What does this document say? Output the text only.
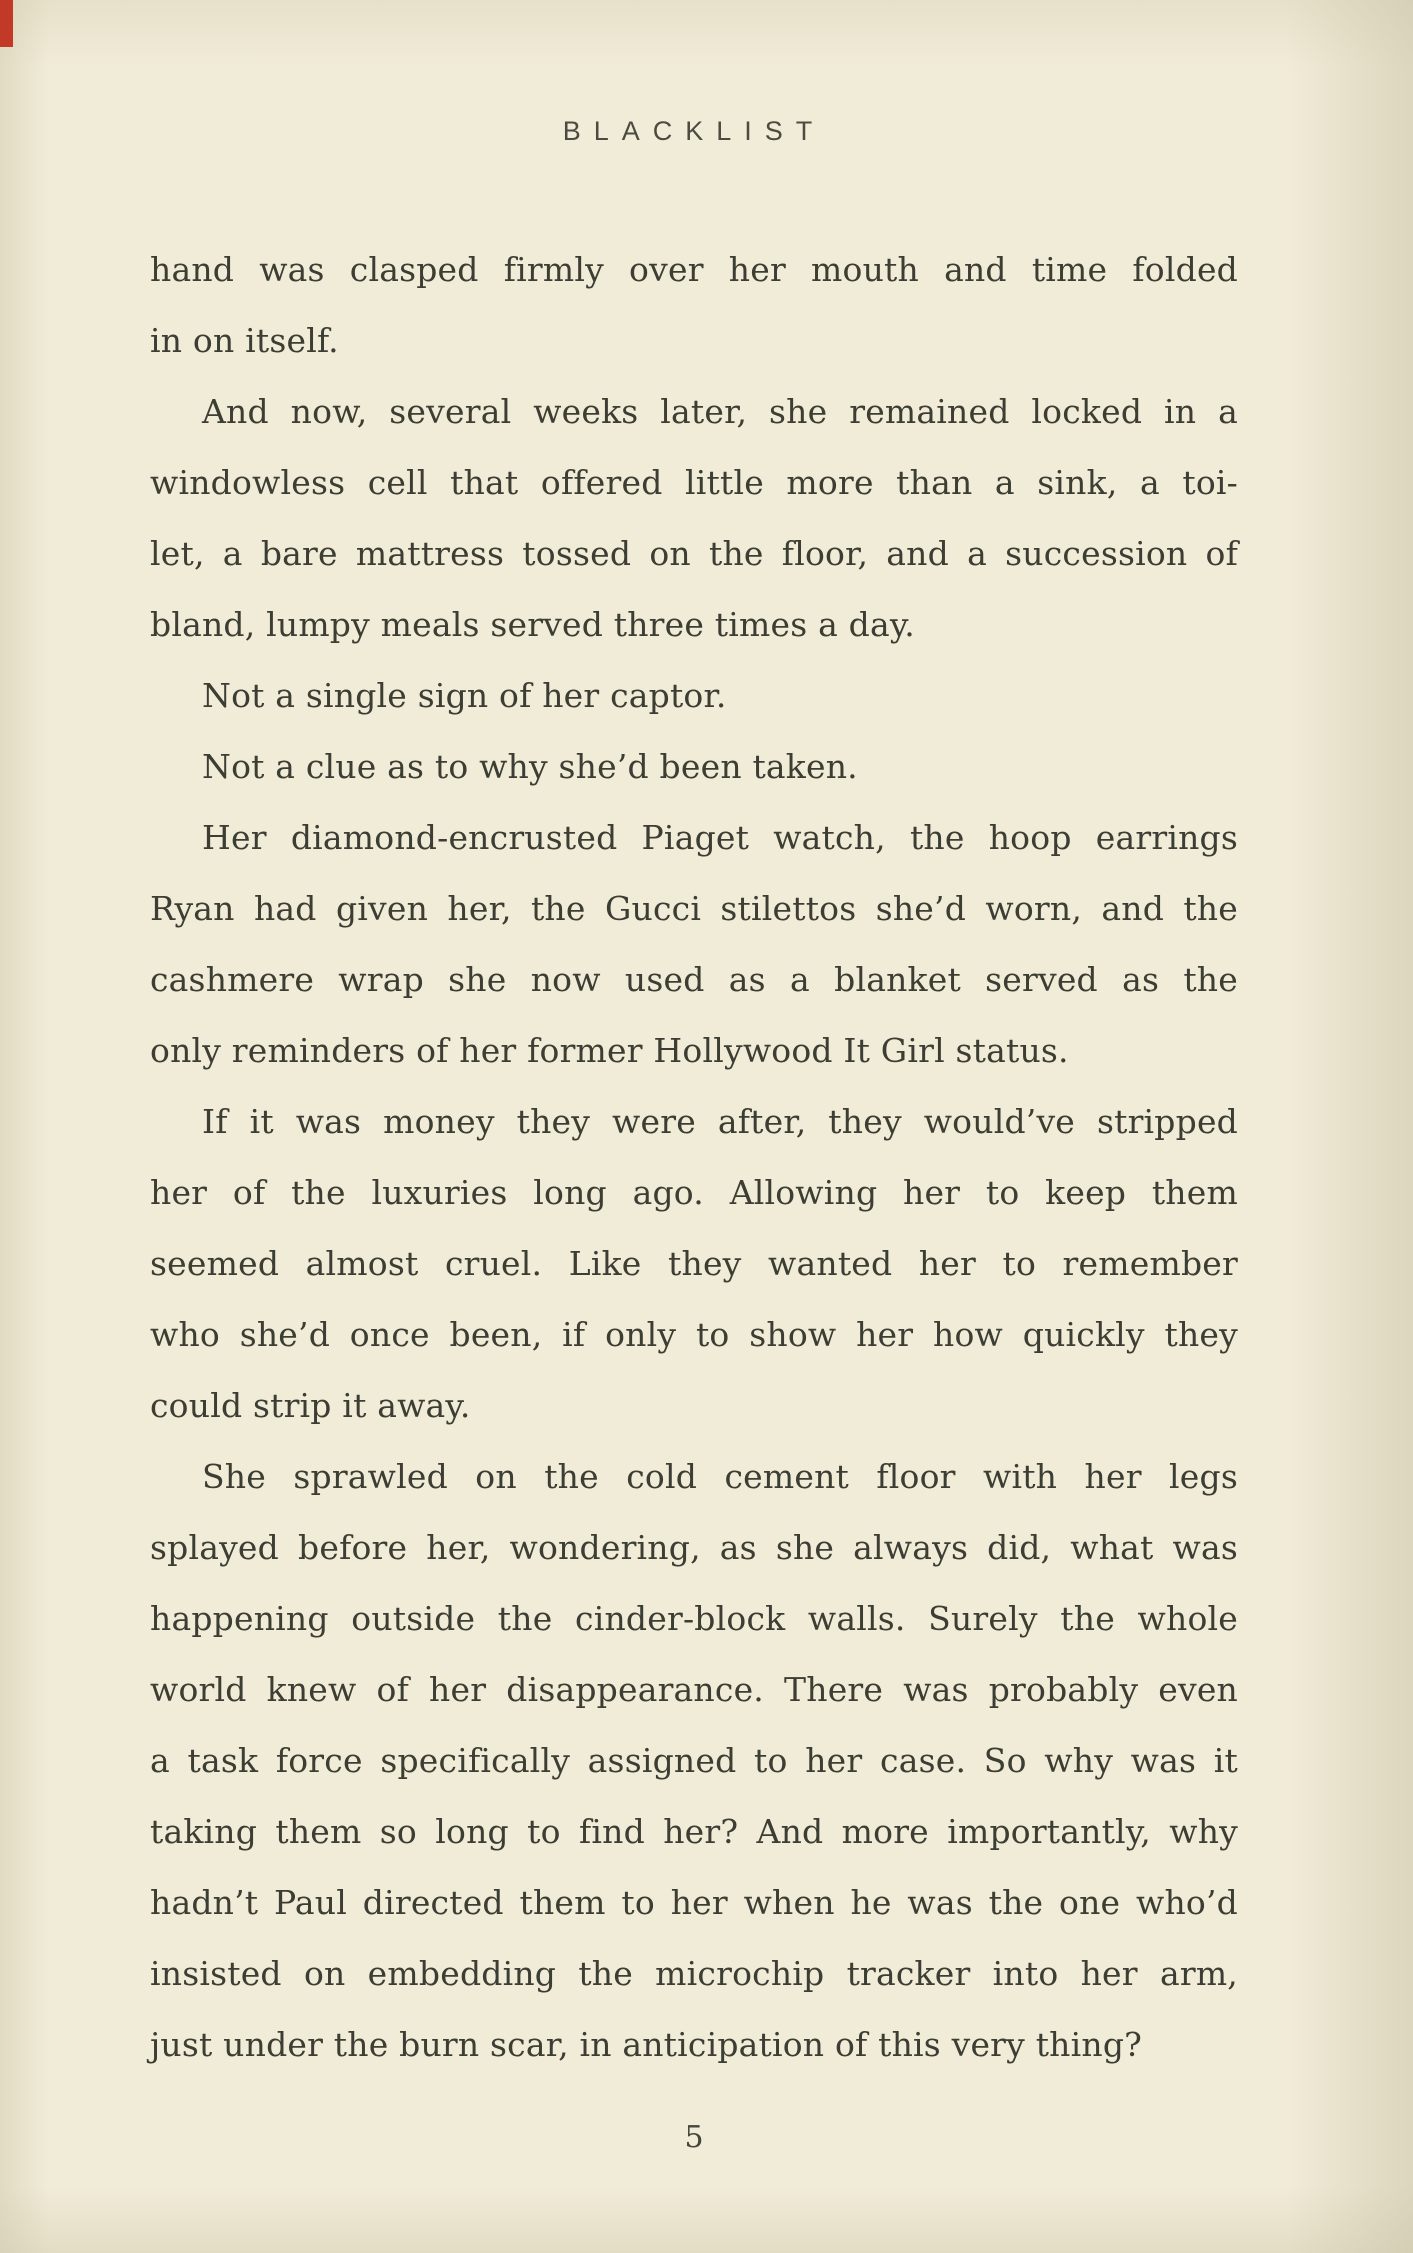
BLACKLIST
hand was clasped firmly over her mouth and time folded
in on itself.
And now, several weeks later, she remained locked in a
windowless cell that offered little more than a sink, a toi-
let, a bare mattress tossed on the floor, and a succession of
bland, lumpy meals served three times a day.
Not a single sign of her captor.
Not a clue as to why she’d been taken.
Her diamond-encrusted Piaget watch, the hoop earrings
Ryan had given her, the Gucci stilettos she’d worn, and the
cashmere wrap she now used as a blanket served as the
only reminders of her former Hollywood It Girl status.
If it was money they were after, they would’ve stripped
her of the luxuries long ago. Allowing her to keep them
seemed almost cruel. Like they wanted her to remember
who she’d once been, if only to show her how quickly they
could strip it away.
She sprawled on the cold cement floor with her legs
splayed before her, wondering, as she always did, what was
happening outside the cinder-block walls. Surely the whole
world knew of her disappearance. There was probably even
a task force specifically assigned to her case. So why was it
taking them so long to find her? And more importantly, why
hadn’t Paul directed them to her when he was the one who’d
insisted on embedding the microchip tracker into her arm,
just under the burn scar, in anticipation of this very thing?
5
